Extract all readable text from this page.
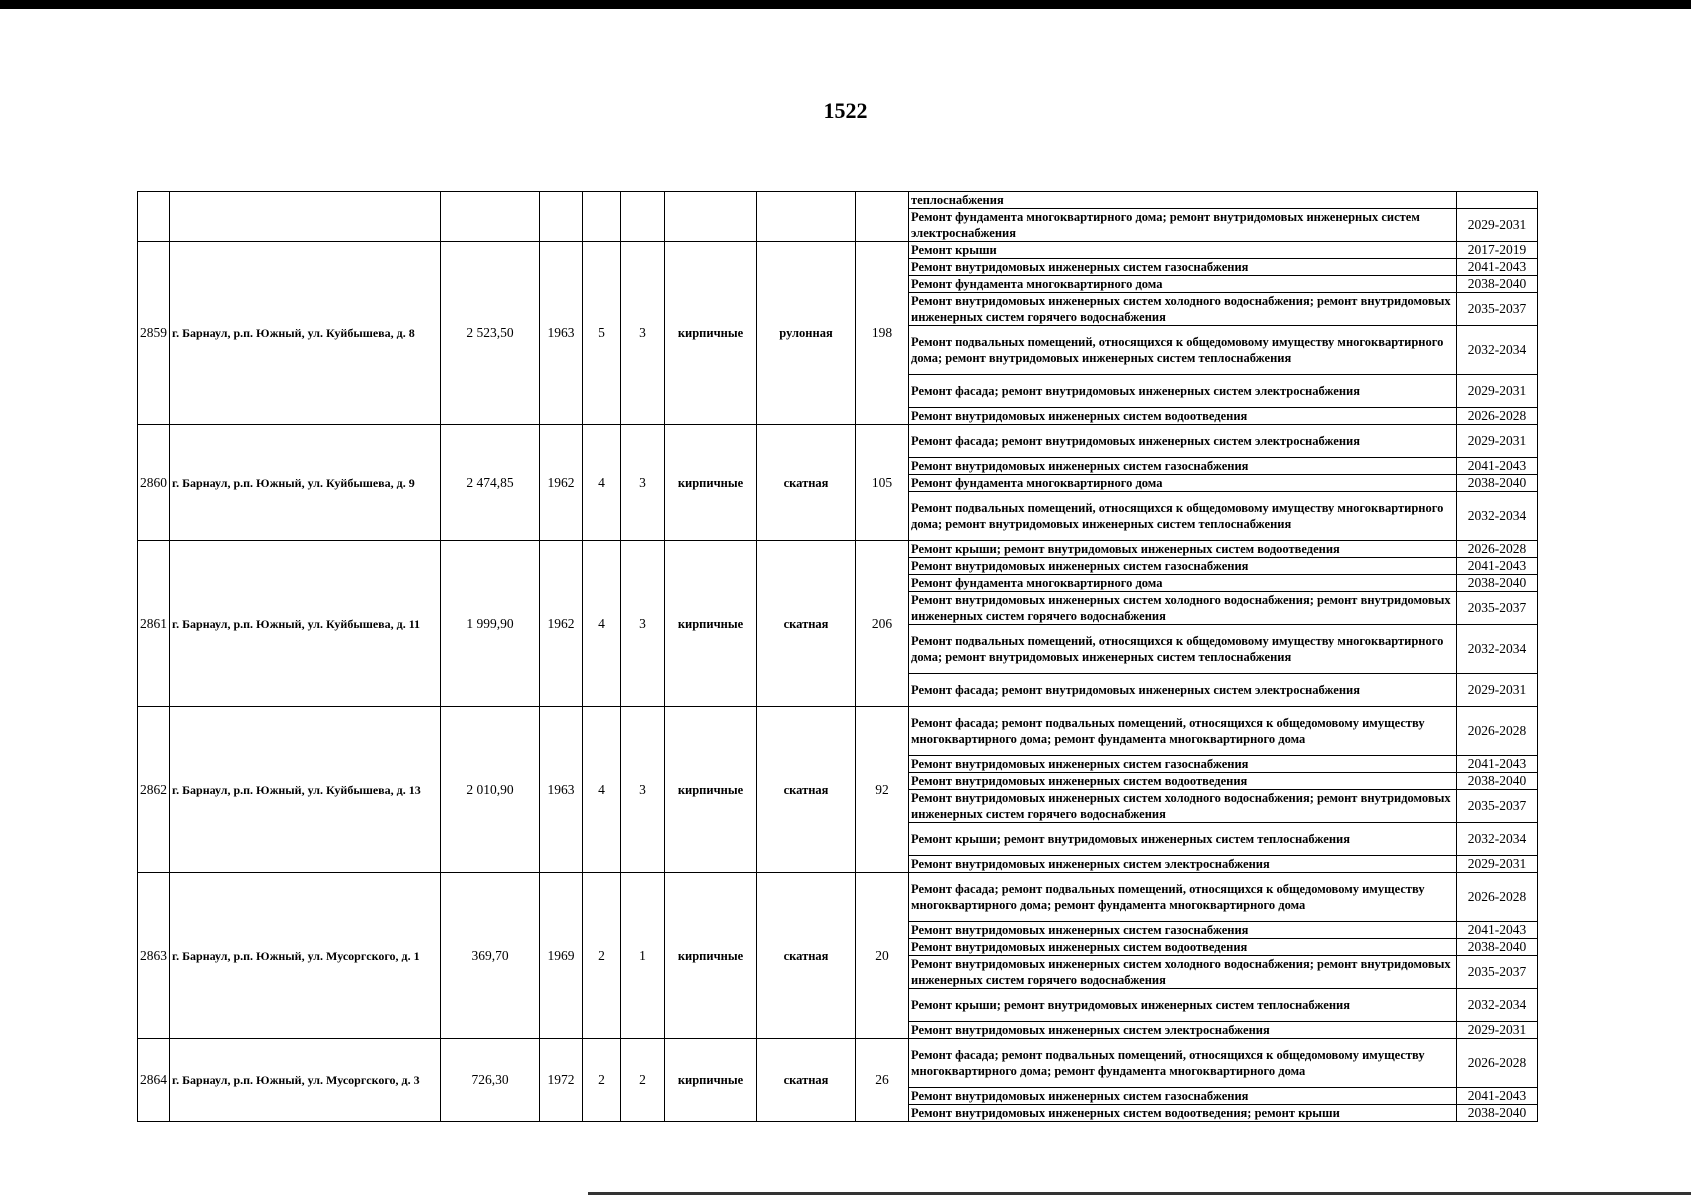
1522
									теплоснабжения	
									Ремонт фундамента многоквартирного дома; ремонт внутридомовых инженерных систем электроснабжения	2029-2031
2859	г. Барнаул, р.п. Южный, ул. Куйбышева, д. 8	2 523,50	1963	5	3	кирпичные	рулонная	198	Ремонт крыши	2017-2019
									Ремонт внутридомовых инженерных систем газоснабжения	2041-2043
									Ремонт фундамента многоквартирного дома	2038-2040
									Ремонт внутридомовых инженерных систем холодного водоснабжения; ремонт внутридомовых инженерных систем горячего водоснабжения	2035-2037
									Ремонт подвальных помещений, относящихся к общедомовому имуществу многоквартирного дома; ремонт внутридомовых инженерных систем теплоснабжения	2032-2034
									Ремонт фасада; ремонт внутридомовых инженерных систем электроснабжения	2029-2031
									Ремонт внутридомовых инженерных систем водоотведения	2026-2028
2860	г. Барнаул, р.п. Южный, ул. Куйбышева, д. 9	2 474,85	1962	4	3	кирпичные	скатная	105	Ремонт фасада; ремонт внутридомовых инженерных систем электроснабжения	2029-2031
									Ремонт внутридомовых инженерных систем газоснабжения	2041-2043
									Ремонт фундамента многоквартирного дома	2038-2040
									Ремонт подвальных помещений, относящихся к общедомовому имуществу многоквартирного дома; ремонт внутридомовых инженерных систем теплоснабжения	2032-2034
2861	г. Барнаул, р.п. Южный, ул. Куйбышева, д. 11	1 999,90	1962	4	3	кирпичные	скатная	206	Ремонт крыши; ремонт внутридомовых инженерных систем водоотведения	2026-2028
									Ремонт внутридомовых инженерных систем газоснабжения	2041-2043
									Ремонт фундамента многоквартирного дома	2038-2040
									Ремонт внутридомовых инженерных систем холодного водоснабжения; ремонт внутридомовых инженерных систем горячего водоснабжения	2035-2037
									Ремонт подвальных помещений, относящихся к общедомовому имуществу многоквартирного дома; ремонт внутридомовых инженерных систем теплоснабжения	2032-2034
									Ремонт фасада; ремонт внутридомовых инженерных систем электроснабжения	2029-2031
2862	г. Барнаул, р.п. Южный, ул. Куйбышева, д. 13	2 010,90	1963	4	3	кирпичные	скатная	92	Ремонт фасада; ремонт подвальных помещений, относящихся к общедомовому имуществу многоквартирного дома; ремонт фундамента многоквартирного дома	2026-2028
									Ремонт внутридомовых инженерных систем газоснабжения	2041-2043
									Ремонт внутридомовых инженерных систем водоотведения	2038-2040
									Ремонт внутридомовых инженерных систем холодного водоснабжения; ремонт внутридомовых инженерных систем горячего водоснабжения	2035-2037
									Ремонт крыши; ремонт внутридомовых инженерных систем теплоснабжения	2032-2034
									Ремонт внутридомовых инженерных систем электроснабжения	2029-2031
2863	г. Барнаул, р.п. Южный, ул. Мусоргского, д. 1	369,70	1969	2	1	кирпичные	скатная	20	Ремонт фасада; ремонт подвальных помещений, относящихся к общедомовому имуществу многоквартирного дома; ремонт фундамента многоквартирного дома	2026-2028
									Ремонт внутридомовых инженерных систем газоснабжения	2041-2043
									Ремонт внутридомовых инженерных систем водоотведения	2038-2040
									Ремонт внутридомовых инженерных систем холодного водоснабжения; ремонт внутридомовых инженерных систем горячего водоснабжения	2035-2037
									Ремонт крыши; ремонт внутридомовых инженерных систем теплоснабжения	2032-2034
									Ремонт внутридомовых инженерных систем электроснабжения	2029-2031
2864	г. Барнаул, р.п. Южный, ул. Мусоргского, д. 3	726,30	1972	2	2	кирпичные	скатная	26	Ремонт фасада; ремонт подвальных помещений, относящихся к общедомовому имуществу многоквартирного дома; ремонт фундамента многоквартирного дома	2026-2028
									Ремонт внутридомовых инженерных систем газоснабжения	2041-2043
									Ремонт внутридомовых инженерных систем водоотведения; ремонт крыши	2038-2040
